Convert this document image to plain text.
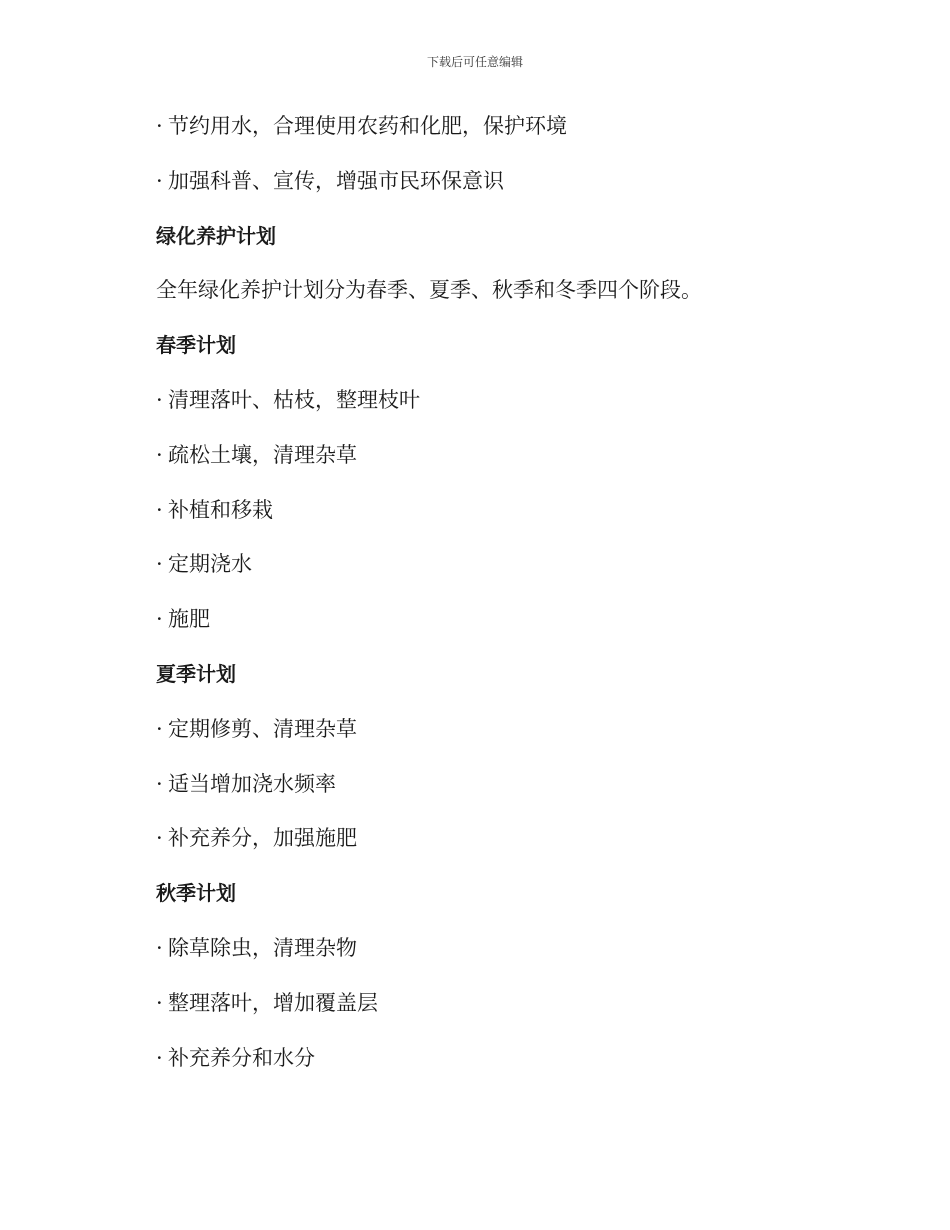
下载后可任意编辑
· 节约用水，合理使用农药和化肥，保护环境
· 加强科普、宣传，增强市民环保意识
绿化养护计划
全年绿化养护计划分为春季、夏季、秋季和冬季四个阶段。
春季计划
· 清理落叶、枯枝，整理枝叶
· 疏松土壤，清理杂草
· 补植和移栽
· 定期浇水
· 施肥
夏季计划
· 定期修剪、清理杂草
· 适当增加浇水频率
· 补充养分，加强施肥
秋季计划
· 除草除虫，清理杂物
· 整理落叶，增加覆盖层
· 补充养分和水分
